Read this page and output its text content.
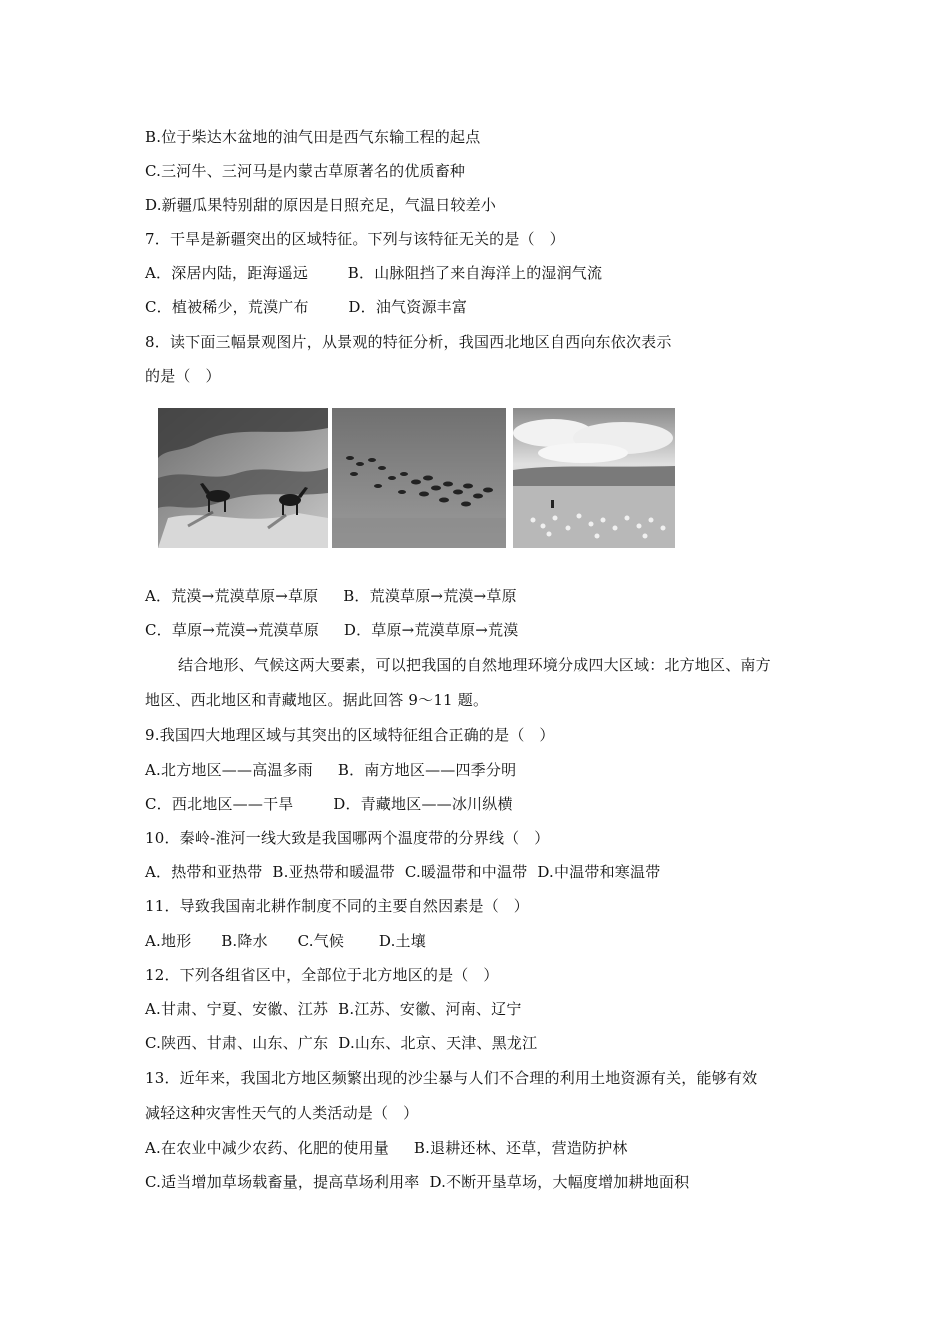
B.位于柴达木盆地的油气田是西气东输工程的起点
C.三河牛、三河马是内蒙古草原著名的优质畜种
D.新疆瓜果特别甜的原因是日照充足，气温日较差小
7．干旱是新疆突出的区域特征。下列与该特征无关的是（   ）
A．深居内陆，距海遥远        B．山脉阻挡了来自海洋上的湿润气流
C．植被稀少，荒漠广布        D．油气资源丰富
8．读下面三幅景观图片，从景观的特征分析，我国西北地区自西向东依次表示
的是（   ）
A．荒漠→荒漠草原→草原     B．荒漠草原→荒漠→草原
C．草原→荒漠→荒漠草原     D．草原→荒漠草原→荒漠
结合地形、气候这两大要素，可以把我国的自然地理环境分成四大区域：北方地区、南方
地区、西北地区和青藏地区。据此回答 9～11 题。
9.我国四大地理区域与其突出的区域特征组合正确的是（   ）
A.北方地区——高温多雨     B．南方地区——四季分明
C．西北地区——干旱        D．青藏地区——冰川纵横
10．秦岭-淮河一线大致是我国哪两个温度带的分界线（   ）
A．热带和亚热带  B.亚热带和暖温带  C.暖温带和中温带  D.中温带和寒温带
11．导致我国南北耕作制度不同的主要自然因素是（   ）
A.地形      B.降水      C.气候       D.土壤
12．下列各组省区中，全部位于北方地区的是（   ）
A.甘肃、宁夏、安徽、江苏  B.江苏、安徽、河南、辽宁
C.陕西、甘肃、山东、广东  D.山东、北京、天津、黑龙江
13．近年来，我国北方地区频繁出现的沙尘暴与人们不合理的利用土地资源有关，能够有效
减轻这种灾害性天气的人类活动是（   ）
A.在农业中减少农药、化肥的使用量     B.退耕还林、还草，营造防护林
C.适当增加草场载畜量，提高草场利用率  D.不断开垦草场，大幅度增加耕地面积
